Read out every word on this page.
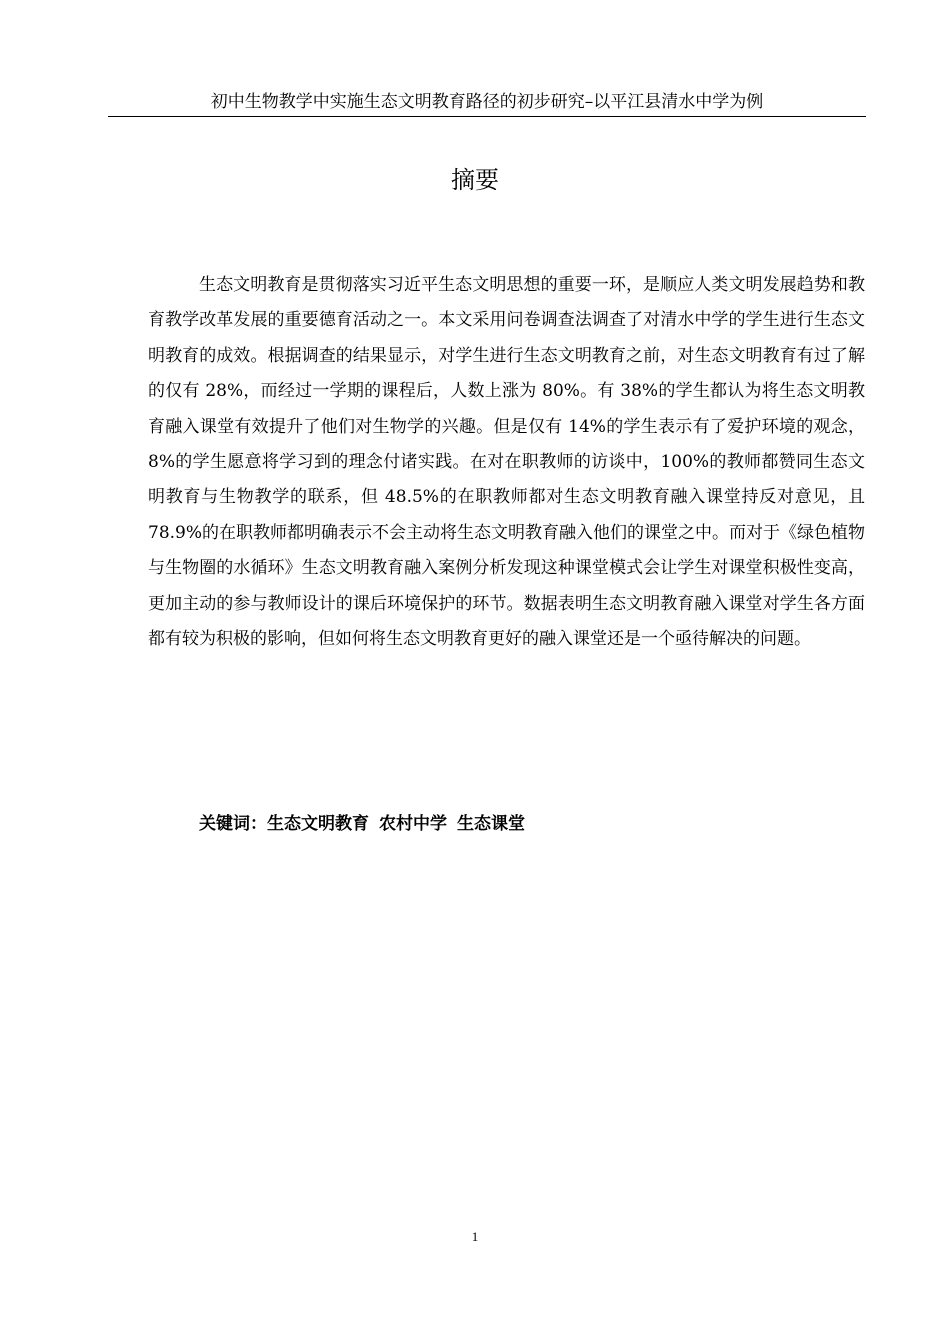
初中生物教学中实施生态文明教育路径的初步研究–以平江县清水中学为例
摘要

生态文明教育是贯彻落实习近平生态文明思想的重要一环，是顺应人类文明发展趋势和教育教学改革发展的重要德育活动之一。本文采用问卷调查法调查了对清水中学的学生进行生态文明教育的成效。根据调查的结果显示，对学生进行生态文明教育之前，对生态文明教育有过了解的仅有 28%，而经过一学期的课程后，人数上涨为 80%。有 38%的学生都认为将生态文明教育融入课堂有效提升了他们对生物学的兴趣。但是仅有 14%的学生表示有了爱护环境的观念，8%的学生愿意将学习到的理念付诸实践。在对在职教师的访谈中，100%的教师都赞同生态文明教育与生物教学的联系，但 48.5%的在职教师都对生态文明教育融入课堂持反对意见，且 78.9%的在职教师都明确表示不会主动将生态文明教育融入他们的课堂之中。而对于《绿色植物与生物圈的水循环》生态文明教育融入案例分析发现这种课堂模式会让学生对课堂积极性变高，更加主动的参与教师设计的课后环境保护的环节。数据表明生态文明教育融入课堂对学生各方面都有较为积极的影响，但如何将生态文明教育更好的融入课堂还是一个亟待解决的问题。

关键词：生态文明教育 农村中学 生态课堂
1
